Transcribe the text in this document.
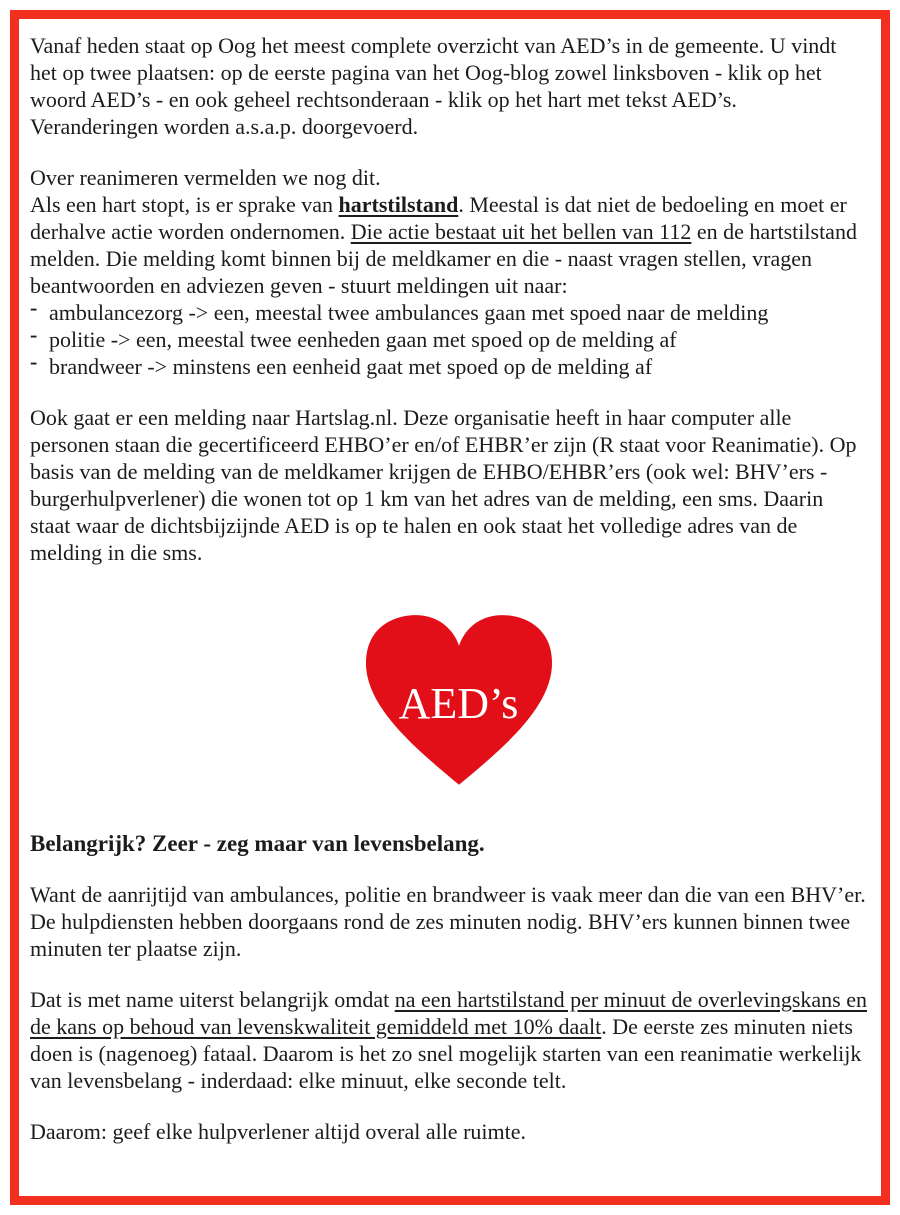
Vanaf heden staat op Oog het meest complete overzicht van AED’s in de gemeente. U vindt het op twee plaatsen: op de eerste pagina van het Oog-blog zowel linksboven - klik op het woord AED’s - en ook geheel rechtsonderaan - klik op het hart met tekst AED’s. Veranderingen worden a.s.a.p. doorgevoerd.

Over reanimeren vermelden we nog dit.
Als een hart stopt, is er sprake van hartstilstand. Meestal is dat niet de bedoeling en moet er derhalve actie worden ondernomen. Die actie bestaat uit het bellen van 112 en de hartstilstand melden. Die melding komt binnen bij de meldkamer en die - naast vragen stellen, vragen beantwoorden en adviezen geven - stuurt meldingen uit naar:

- ambulancezorg -> een, meestal twee ambulances gaan met spoed naar de melding
- politie -> een, meestal twee eenheden gaan met spoed op de melding af
- brandweer -> minstens een eenheid gaat met spoed op de melding af

Ook gaat er een melding naar Hartslag.nl. Deze organisatie heeft in haar computer alle personen staan die gecertificeerd EHBO’er en/of EHBR’er zijn (R staat voor Reanimatie). Op basis van de melding van de meldkamer krijgen de EHBO/EHBR’ers (ook wel: BHV’ers - burgerhulpverlener) die wonen tot op 1 km van het adres van de melding, een sms. Daarin staat waar de dichtsbijzijnde AED is op te halen en ook staat het volledige adres van de melding in die sms.

AED’s

Belangrijk? Zeer - zeg maar van levensbelang.

Want de aanrijtijd van ambulances, politie en brandweer is vaak meer dan die van een BHV’er. De hulpdiensten hebben doorgaans rond de zes minuten nodig. BHV’ers kunnen binnen twee minuten ter plaatse zijn.

Dat is met name uiterst belangrijk omdat na een hartstilstand per minuut de overlevingskans en de kans op behoud van levenskwaliteit gemiddeld met 10% daalt. De eerste zes minuten niets doen is (nagenoeg) fataal. Daarom is het zo snel mogelijk starten van een reanimatie werkelijk van levensbelang - inderdaad: elke minuut, elke seconde telt.

Daarom: geef elke hulpverlener altijd overal alle ruimte.
